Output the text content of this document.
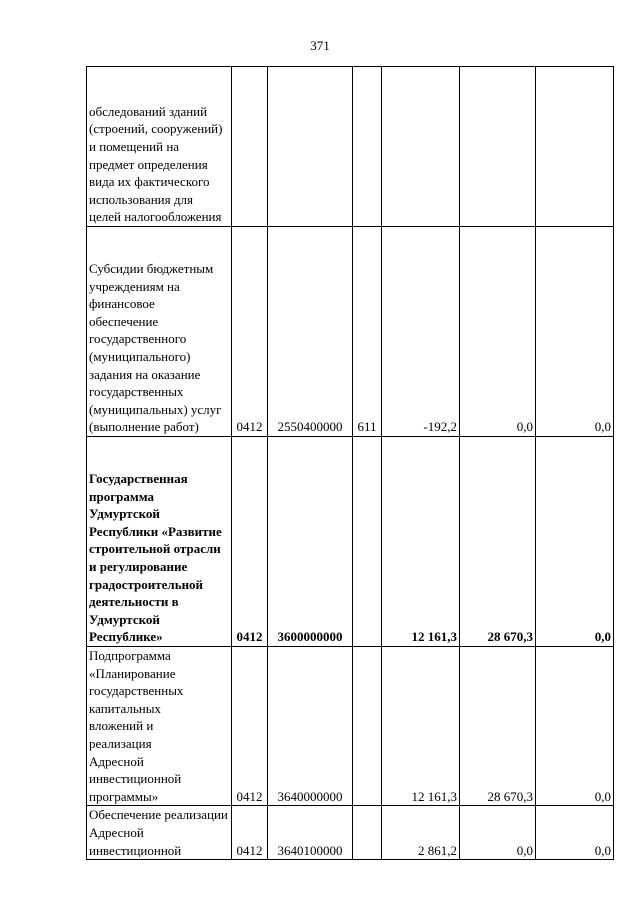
371
обследований зданий (строений, сооружений) и помещений на предмет определения вида их фактического использования для целей налогообложения						

Субсидии бюджетным учреждениям на финансовое обеспечение государственного (муниципального) задания на оказание государственных (муниципальных) услуг (выполнение работ)	0412	2550400000	611	-192,2	0,0	0,0

Государственная программа Удмуртской Республики «Развитие строительной отрасли и регулирование градостроительной деятельности в Удмуртской Республике»	0412	3600000000		12 161,3	28 670,3	0,0

Подпрограмма «Планирование государственных капитальных вложений и реализация Адресной инвестиционной программы»	0412	3640000000		12 161,3	28 670,3	0,0

Обеспечение реализации Адресной инвестиционной	0412	3640100000		2 861,2	0,0	0,0
